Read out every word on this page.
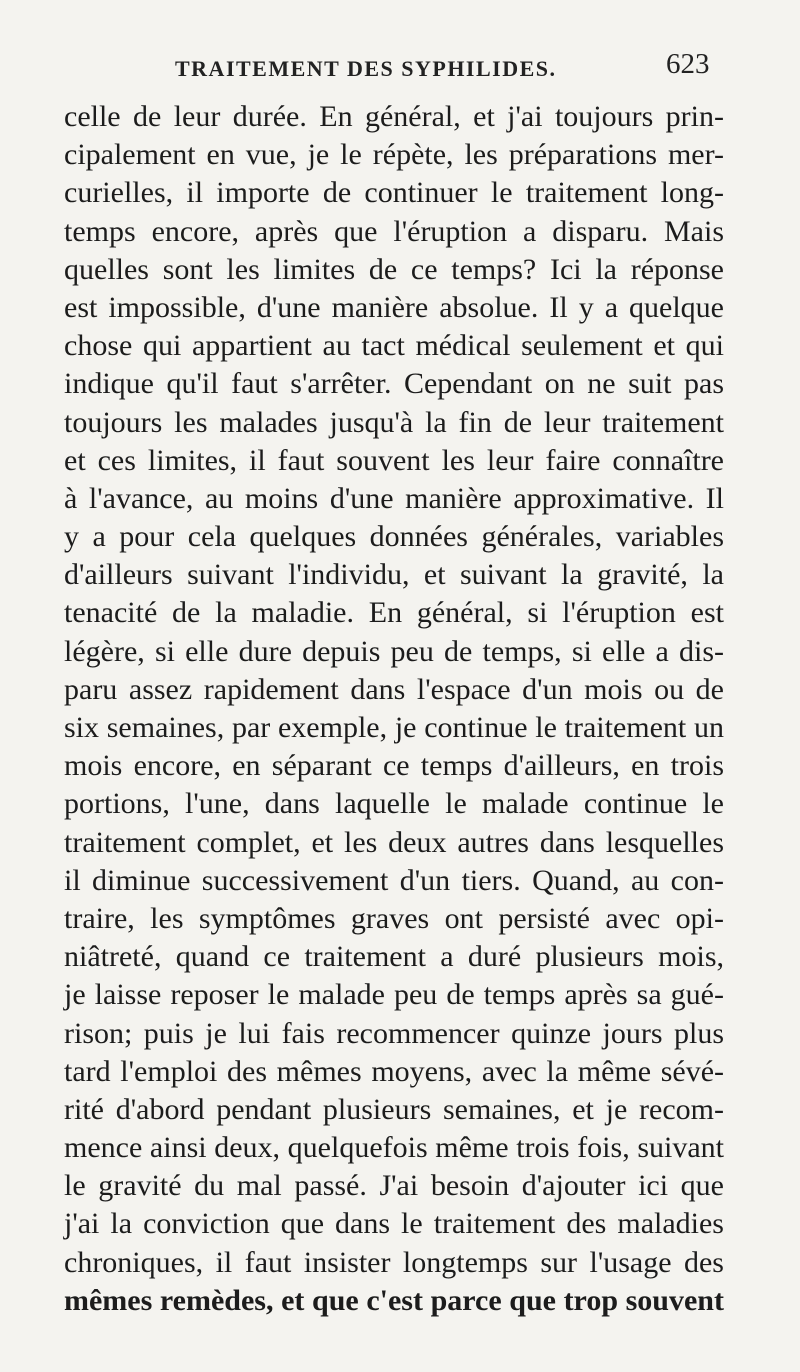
TRAITEMENT DES SYPHILIDES.	623
celle de leur durée. En général, et j'ai toujours prin-
cipalement en vue, je le répète, les préparations mer-
curielles, il importe de continuer le traitement long-
temps encore, après que l'éruption a disparu. Mais
quelles sont les limites de ce temps? Ici la réponse
est impossible, d'une manière absolue. Il y a quelque
chose qui appartient au tact médical seulement et qui
indique qu'il faut s'arrêter. Cependant on ne suit pas
toujours les malades jusqu'à la fin de leur traitement
et ces limites, il faut souvent les leur faire connaître
à l'avance, au moins d'une manière approximative. Il
y a pour cela quelques données générales, variables
d'ailleurs suivant l'individu, et suivant la gravité, la
tenacité de la maladie. En général, si l'éruption est
légère, si elle dure depuis peu de temps, si elle a dis-
paru assez rapidement dans l'espace d'un mois ou de
six semaines, par exemple, je continue le traitement un
mois encore, en séparant ce temps d'ailleurs, en trois
portions, l'une, dans laquelle le malade continue le
traitement complet, et les deux autres dans lesquelles
il diminue successivement d'un tiers. Quand, au con-
traire, les symptômes graves ont persisté avec opi-
niâtreté, quand ce traitement a duré plusieurs mois,
je laisse reposer le malade peu de temps après sa gué-
rison; puis je lui fais recommencer quinze jours plus
tard l'emploi des mêmes moyens, avec la même sévé-
rité d'abord pendant plusieurs semaines, et je recom-
mence ainsi deux, quelquefois même trois fois, suivant
le gravité du mal passé. J'ai besoin d'ajouter ici que
j'ai la conviction que dans le traitement des maladies
chroniques, il faut insister longtemps sur l'usage des
mêmes remèdes, et que c'est parce que trop souvent
